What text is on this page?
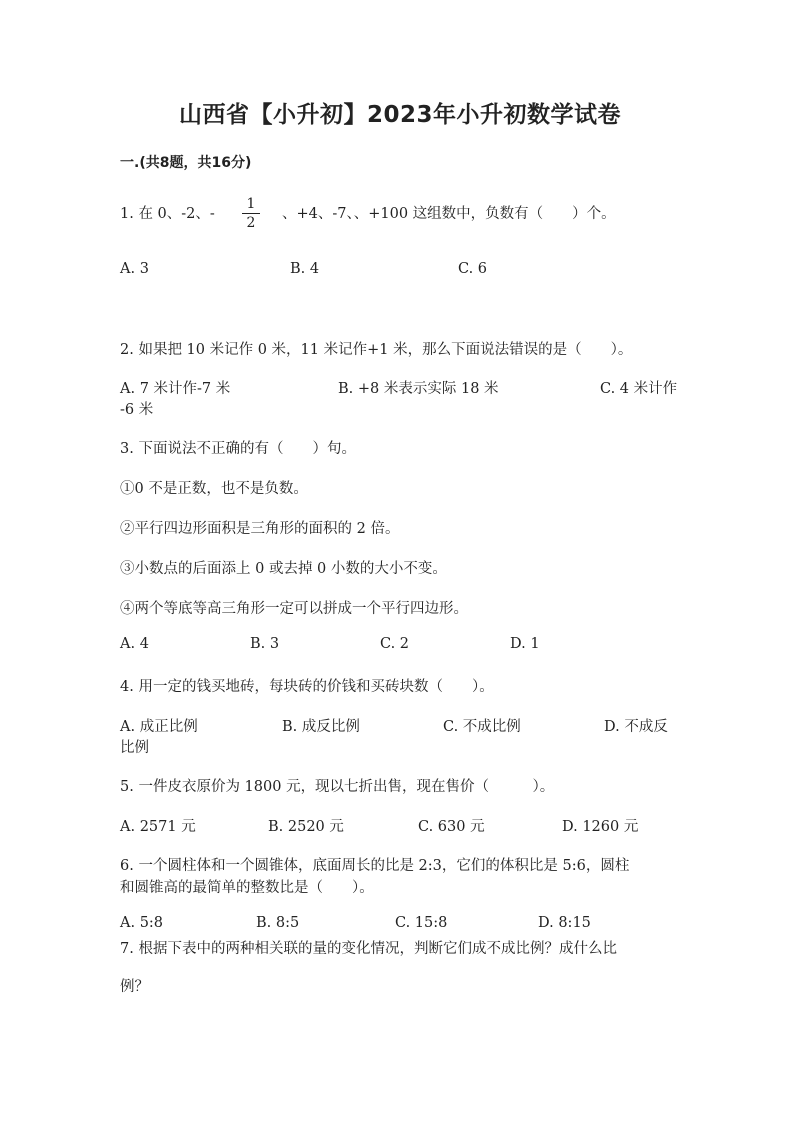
山西省【小升初】2023年小升初数学试卷
一.(共8题，共16分)
1. 在 0、-2、-
1
2
、+4、-7、、+100 这组数中，负数有（　　）个。
A. 3	B. 4	C. 6
2. 如果把 10 米记作 0 米，11 米记作+1 米，那么下面说法错误的是（　　）。
A. 7 米计作-7 米	B. +8 米表示实际 18 米	C. 4 米计作
-6 米
3. 下面说法不正确的有（　　）句。
①0 不是正数，也不是负数。
②平行四边形面积是三角形的面积的 2 倍。
③小数点的后面添上 0 或去掉 0 小数的大小不变。
④两个等底等高三角形一定可以拼成一个平行四边形。
A. 4	B. 3	C. 2	D. 1
4. 用一定的钱买地砖，每块砖的价钱和买砖块数（　　）。
A. 成正比例	B. 成反比例	C. 不成比例	D. 不成反
比例
5. 一件皮衣原价为 1800 元，现以七折出售，现在售价（　　　）。
A. 2571 元	B. 2520 元	C. 630 元	D. 1260 元
6. 一个圆柱体和一个圆锥体，底面周长的比是 2:3，它们的体积比是 5:6，圆柱
和圆锥高的最简单的整数比是（　　）。
A. 5:8	B. 8:5	C. 15:8	D. 8:15
7. 根据下表中的两种相关联的量的变化情况，判断它们成不成比例？成什么比
例？
